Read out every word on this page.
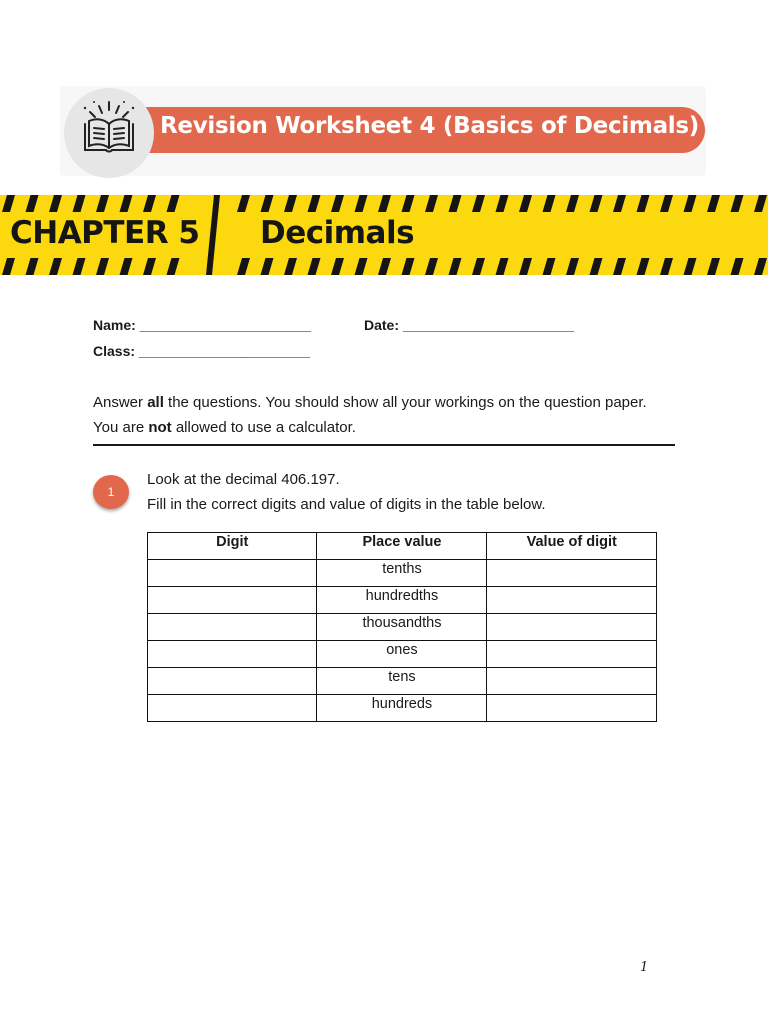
Revision Worksheet 4 (Basics of Decimals)
CHAPTER 5 Decimals
Name: ______________________	Date: ______________________
Class: ______________________
Answer all the questions. You should show all your workings on the question paper.
You are not allowed to use a calculator.
1
Look at the decimal 406.197.
Fill in the correct digits and value of digits in the table below.
Digit	Place value	Value of digit
	tenths	
	hundredths	
	thousandths	
	ones	
	tens	
	hundreds	
1
